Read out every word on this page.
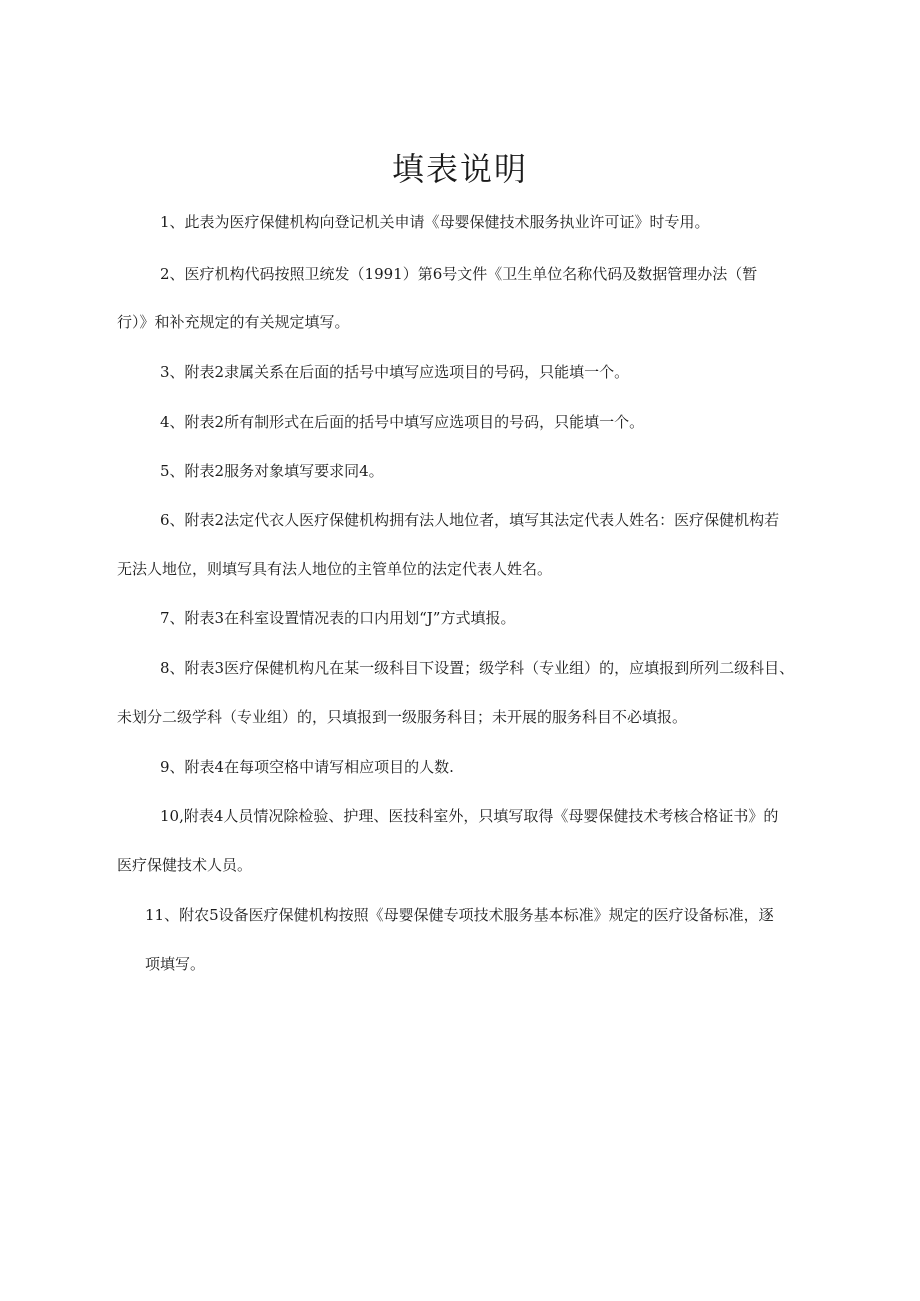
填表说明
1、此表为医疗保健机构向登记机关申请《母婴保健技术服务执业许可证》时专用。
2、医疗机构代码按照卫统发（1991）第6号文件《卫生单位名称代码及数据管理办法（暂
行）》和补充规定的有关规定填写。
3、附表2隶属关系在后面的括号中填写应选项目的号码，只能填一个。
4、附表2所有制形式在后面的括号中填写应选项目的号码，只能填一个。
5、附表2服务对象填写要求同4。
6、附表2法定代衣人医疗保健机构拥有法人地位者，填写其法定代表人姓名：医疗保健机构若
无法人地位，则填写具有法人地位的主管单位的法定代表人姓名。
7、附表3在科室设置情况表的口内用划“J”方式填报。
8、附表3医疗保健机构凡在某一级科目下设置；级学科（专业组）的，应填报到所列二级科目、
未划分二级学科（专业组）的，只填报到一级服务科目；未开展的服务科目不必填报。
9、附表4在每项空格中请写相应项目的人数.
10,附表4人员情况除检验、护理、医技科室外，只填写取得《母婴保健技术考核合格证书》的
医疗保健技术人员。
11、附农5设备医疗保健机构按照《母婴保健专项技术服务基本标准》规定的医疗设备标准，逐
项填写。
